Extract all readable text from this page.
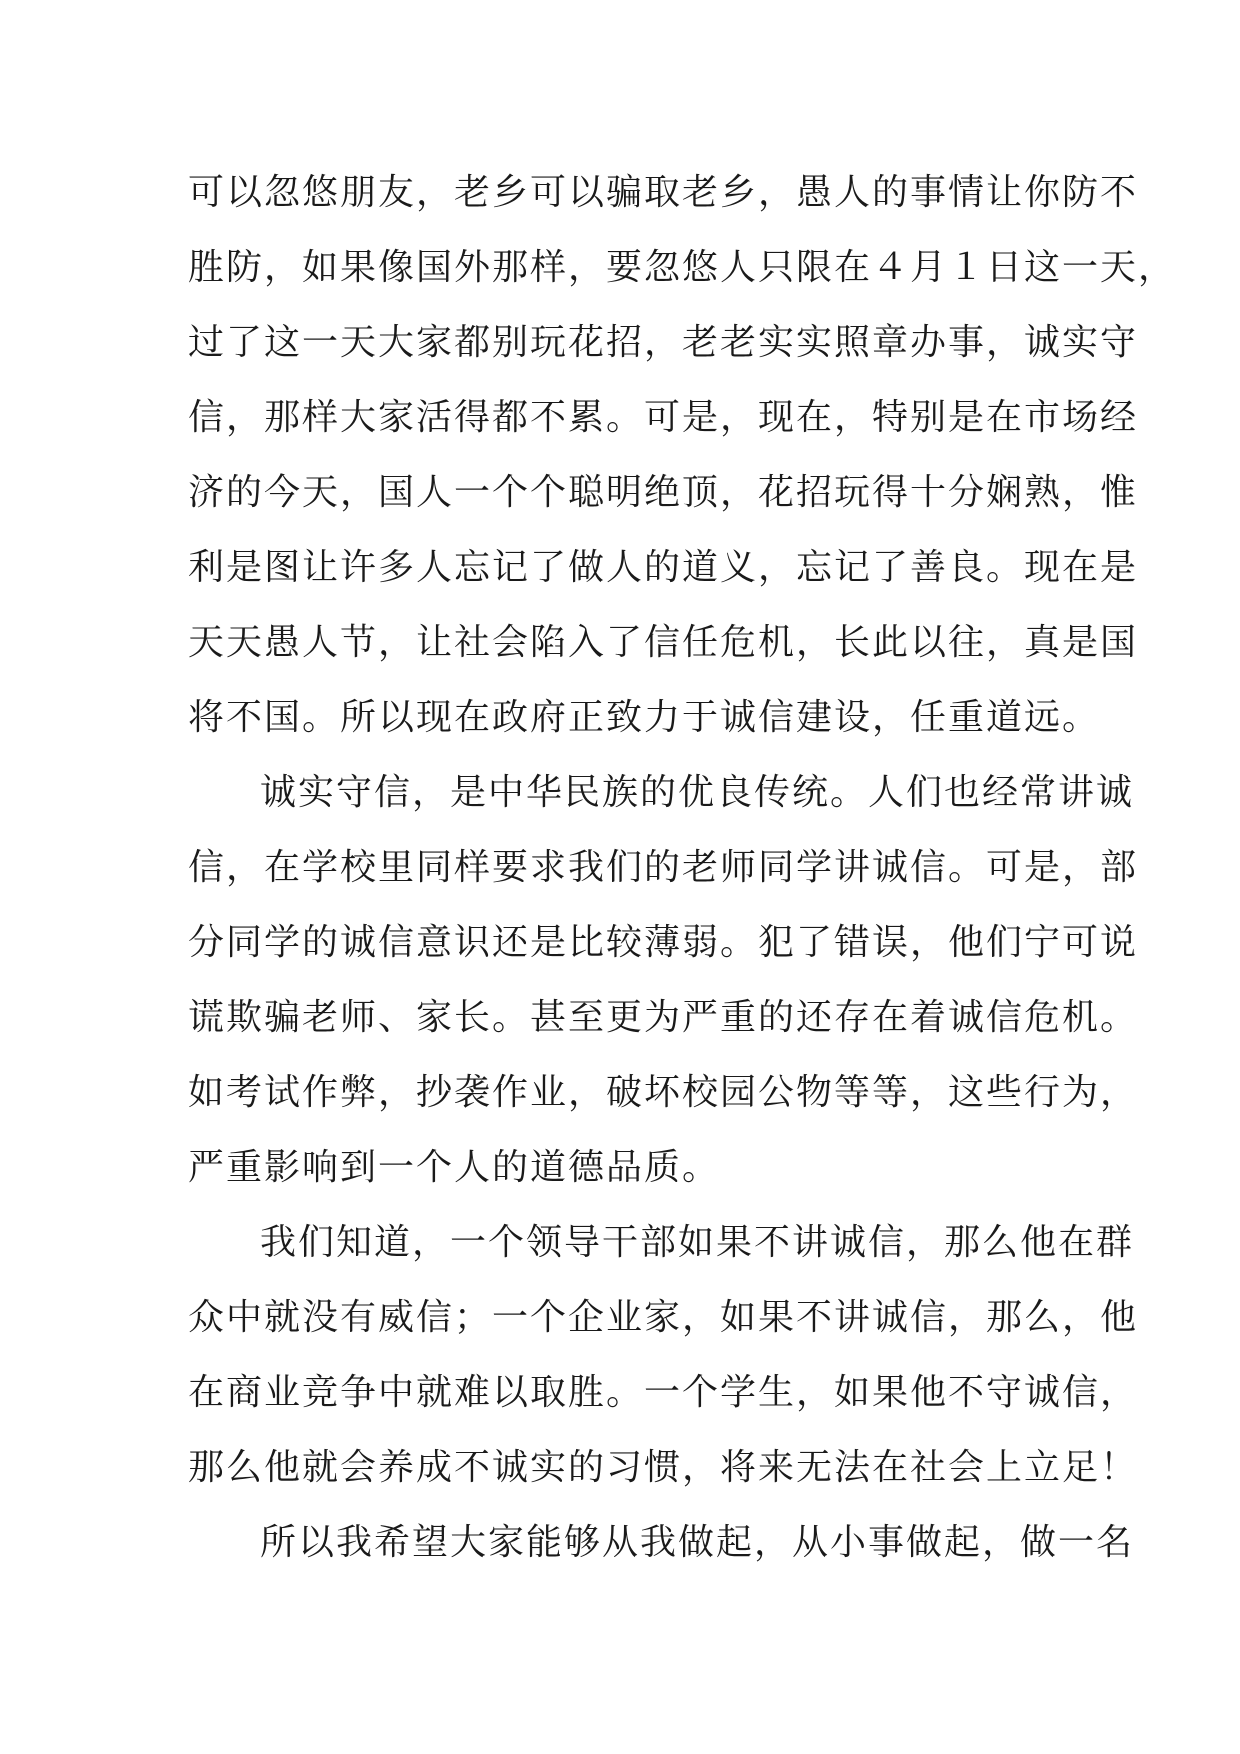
可以忽悠朋友，老乡可以骗取老乡，愚人的事情让你防不
胜防，如果像国外那样，要忽悠人只限在４月１日这一天，
过了这一天大家都别玩花招，老老实实照章办事，诚实守
信，那样大家活得都不累。可是，现在，特别是在市场经
济的今天，国人一个个聪明绝顶，花招玩得十分娴熟，惟
利是图让许多人忘记了做人的道义，忘记了善良。现在是
天天愚人节，让社会陷入了信任危机，长此以往，真是国
将不国。所以现在政府正致力于诚信建设，任重道远。
诚实守信，是中华民族的优良传统。人们也经常讲诚
信，在学校里同样要求我们的老师同学讲诚信。可是，部
分同学的诚信意识还是比较薄弱。犯了错误，他们宁可说
谎欺骗老师、家长。甚至更为严重的还存在着诚信危机。
如考试作弊，抄袭作业，破坏校园公物等等，这些行为，
严重影响到一个人的道德品质。
我们知道，一个领导干部如果不讲诚信，那么他在群
众中就没有威信；一个企业家，如果不讲诚信，那么，他
在商业竞争中就难以取胜。一个学生，如果他不守诚信，
那么他就会养成不诚实的习惯，将来无法在社会上立足！
所以我希望大家能够从我做起，从小事做起，做一名
